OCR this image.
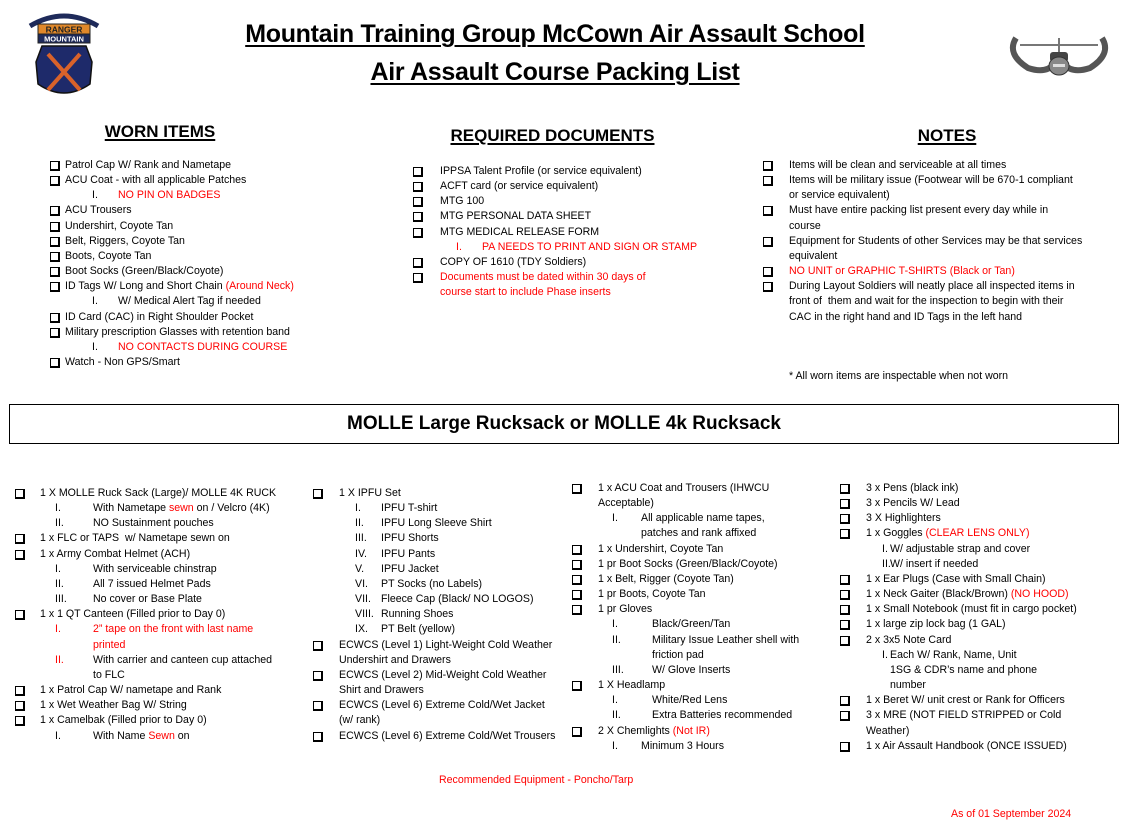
RANGER
MOUNTAIN	Mountain Training Group McCown Air Assault School
Air Assault Course Packing List
WORN ITEMS	REQUIRED DOCUMENTS	NOTES
Patrol Cap W/ Rank and Nametape
ACU Coat - with all applicable Patches
I. NO PIN ON BADGES
ACU Trousers
Undershirt, Coyote Tan
Belt, Riggers, Coyote Tan
Boots, Coyote Tan
Boot Socks (Green/Black/Coyote)
ID Tags W/ Long and Short Chain (Around Neck)
I. W/ Medical Alert Tag if needed
ID Card (CAC) in Right Shoulder Pocket
Military prescription Glasses with retention band
I. NO CONTACTS DURING COURSE
Watch - Non GPS/Smart
IPPSA Talent Profile (or service equivalent)
ACFT card (or service equivalent)
MTG 100
MTG PERSONAL DATA SHEET
MTG MEDICAL RELEASE FORM
I. PA NEEDS TO PRINT AND SIGN OR STAMP
COPY OF 1610 (TDY Soldiers)
Documents must be dated within 30 days of
course start to include Phase inserts
Items will be clean and serviceable at all times
Items will be military issue (Footwear will be 670-1 compliant
or service equivalent)
Must have entire packing list present every day while in
course
Equipment for Students of other Services may be that services
equivalent
NO UNIT or GRAPHIC T-SHIRTS (Black or Tan)
During Layout Soldiers will neatly place all inspected items in
front of  them and wait for the inspection to begin with their
CAC in the right hand and ID Tags in the left hand
* All worn items are inspectable when not worn
MOLLE Large Rucksack or MOLLE 4k Rucksack
1 X MOLLE Ruck Sack (Large)/ MOLLE 4K RUCK
I.	With Nametape sewn on / Velcro (4K)
II.	NO Sustainment pouches
1 x FLC or TAPS  w/ Nametape sewn on
1 x Army Combat Helmet (ACH)
I.	With serviceable chinstrap
II.	All 7 issued Helmet Pads
III. No cover or Base Plate
1 x 1 QT Canteen (Filled prior to Day 0)
I.	2” tape on the front with last name
printed
II.	With carrier and canteen cup attached
to FLC
1 x Patrol Cap W/ nametape and Rank
1 x Wet Weather Bag W/ String
1 x Camelbak (Filled prior to Day 0)
I.	With Name Sewn on
1 X IPFU Set
I. IPFU T-shirt
II. IPFU Long Sleeve Shirt
III. IPFU Shorts
IV. IPFU Pants
V. IPFU Jacket
VI. PT Socks (no Labels)
VII. Fleece Cap (Black/ NO LOGOS)
VIII. Running Shoes
IX. PT Belt (yellow)
ECWCS (Level 1) Light-Weight Cold Weather
Undershirt and Drawers
ECWCS (Level 2) Mid-Weight Cold Weather
Shirt and Drawers
ECWCS (Level 6) Extreme Cold/Wet Jacket
(w/ rank)
ECWCS (Level 6) Extreme Cold/Wet Trousers
1 x ACU Coat and Trousers (IHWCU
Acceptable)
I. All applicable name tapes,
patches and rank affixed
1 x Undershirt, Coyote Tan
1 pr Boot Socks (Green/Black/Coyote)
1 x Belt, Rigger (Coyote Tan)
1 pr Boots, Coyote Tan
1 pr Gloves
I.	Black/Green/Tan
II.	Military Issue Leather shell with
friction pad
III.	W/ Glove Inserts
1 X Headlamp
I.	White/Red Lens
II.	Extra Batteries recommended
2 X Chemlights (Not IR)
I. Minimum 3 Hours
3 x Pens (black ink)
3 x Pencils W/ Lead
3 X Highlighters
1 x Goggles (CLEAR LENS ONLY)
I. W/ adjustable strap and cover
II. W/ insert if needed
1 x Ear Plugs (Case with Small Chain)
1 x Neck Gaiter (Black/Brown) (NO HOOD)
1 x Small Notebook (must fit in cargo pocket)
1 x large zip lock bag (1 GAL)
2 x 3x5 Note Card
I. Each W/ Rank, Name, Unit
1SG & CDR’s name and phone
number
1 x Beret W/ unit crest or Rank for Officers
3 x MRE (NOT FIELD STRIPPED or Cold
Weather)
1 x Air Assault Handbook (ONCE ISSUED)
Recommended Equipment - Poncho/Tarp
As of 01 September 2024
